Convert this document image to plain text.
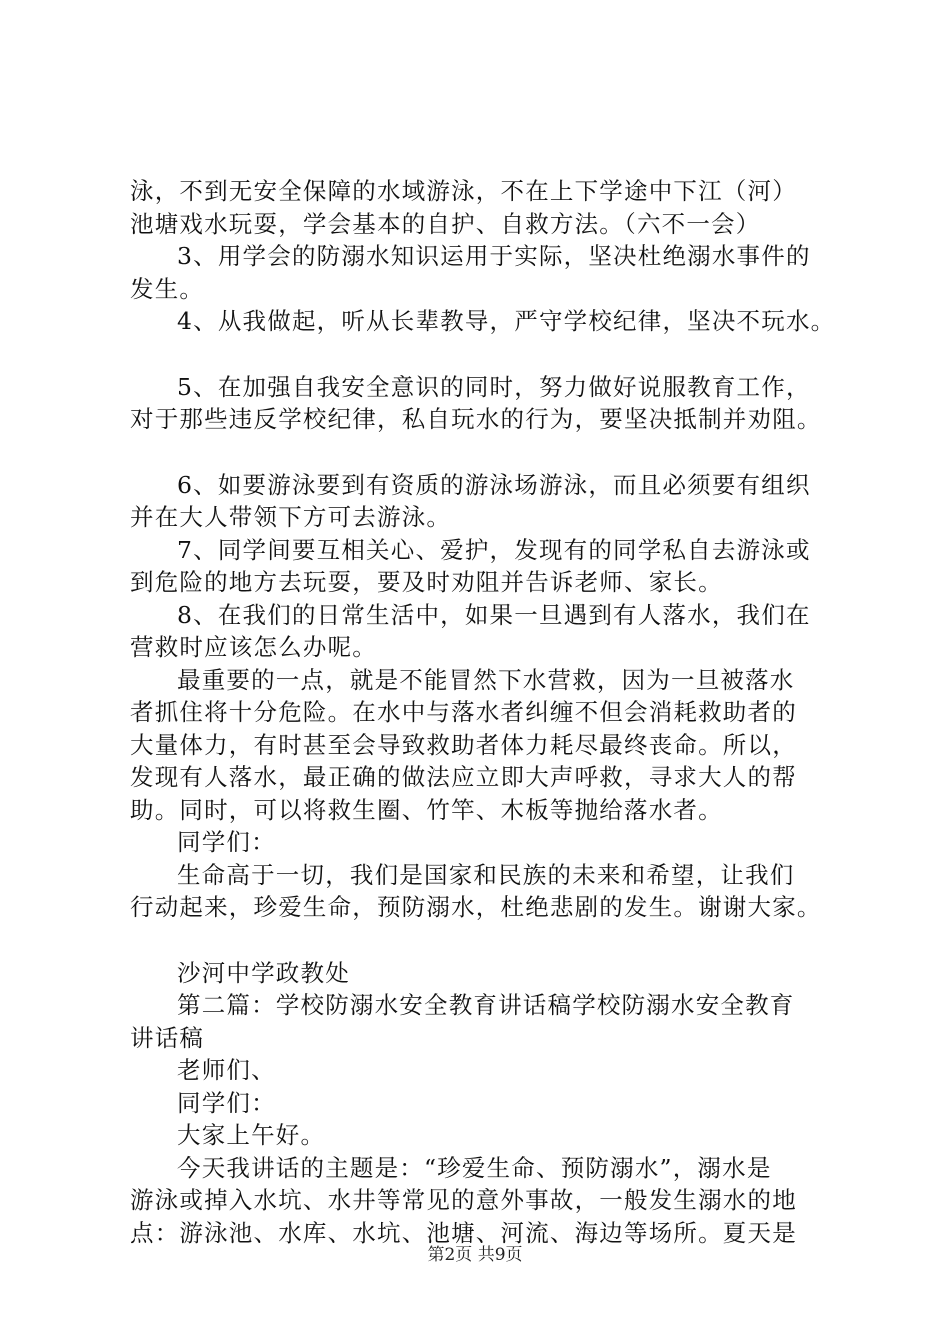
泳，不到无安全保障的水域游泳，不在上下学途中下江（河）
池塘戏水玩耍，学会基本的自护、自救方法。（六不一会）
3、用学会的防溺水知识运用于实际，坚决杜绝溺水事件的
发生。
4、从我做起，听从长辈教导，严守学校纪律，坚决不玩水。
5、在加强自我安全意识的同时，努力做好说服教育工作，
对于那些违反学校纪律，私自玩水的行为，要坚决抵制并劝阻。
6、如要游泳要到有资质的游泳场游泳，而且必须要有组织
并在大人带领下方可去游泳。
7、同学间要互相关心、爱护，发现有的同学私自去游泳或
到危险的地方去玩耍，要及时劝阻并告诉老师、家长。
8、在我们的日常生活中，如果一旦遇到有人落水，我们在
营救时应该怎么办呢。
最重要的一点，就是不能冒然下水营救，因为一旦被落水
者抓住将十分危险。在水中与落水者纠缠不但会消耗救助者的
大量体力，有时甚至会导致救助者体力耗尽最终丧命。所以，
发现有人落水，最正确的做法应立即大声呼救，寻求大人的帮
助。同时，可以将救生圈、竹竿、木板等抛给落水者。
同学们：
生命高于一切，我们是国家和民族的未来和希望，让我们
行动起来，珍爱生命，预防溺水，杜绝悲剧的发生。谢谢大家。
沙河中学政教处
第二篇：学校防溺水安全教育讲话稿学校防溺水安全教育
讲话稿
老师们、
同学们：
大家上午好。
今天我讲话的主题是：“珍爱生命、预防溺水”，溺水是
游泳或掉入水坑、水井等常见的意外事故，一般发生溺水的地
点：游泳池、水库、水坑、池塘、河流、海边等场所。夏天是
第2页 共9页
